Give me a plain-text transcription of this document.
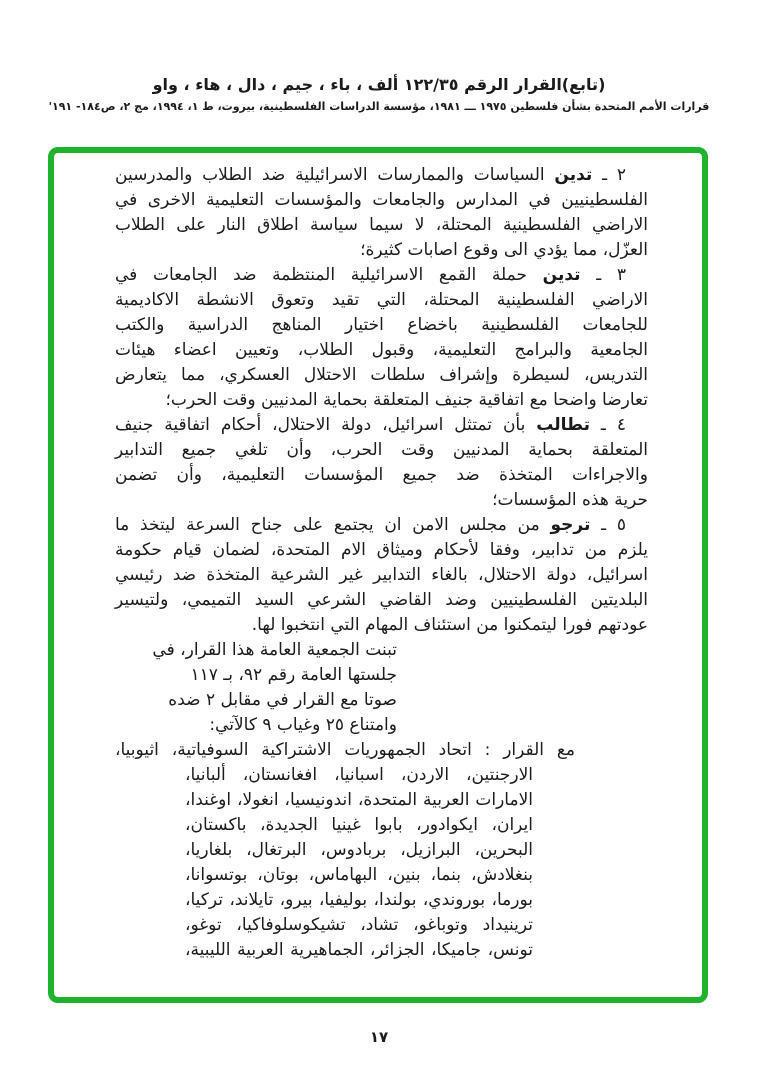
(تابع)القرار الرقم ١٢٢/٣٥ ألف ، باء ، جيم ، دال ، هاء ، واو
قرارات الأمم المتحدة بشأن فلسطين ١٩٧٥ ـــ ١٩٨١، مؤسسة الدراسات الفلسطينية، بيروت، ط ١، ١٩٩٤، مج ٢، ص١٨٤- ١٩١'
٢ ـ تدين السياسات والممارسات الاسرائيلية ضد الطلاب والمدرسين
الفلسطينيين في المدارس والجامعات والمؤسسات التعليمية الاخرى في
الاراضي الفلسطينية المحتلة، لا سيما سياسة اطلاق النار على الطلاب
العزّل، مما يؤدي الى وقوع اصابات كثيرة؛
٣ ـ تدين حملة القمع الاسرائيلية المنتظمة ضد الجامعات في
الاراضي الفلسطينية المحتلة، التي تقيد وتعوق الانشطة الاكاديمية
للجامعات الفلسطينية باخضاع اختيار المناهج الدراسية والكتب
الجامعية والبرامج التعليمية، وقبول الطلاب، وتعيين اعضاء هيئات
التدريس، لسيطرة وإشراف سلطات الاحتلال العسكري، مما يتعارض
تعارضا واضحا مع اتفاقية جنيف المتعلقة بحماية المدنيين وقت الحرب؛
٤ ـ تطالب بأن تمتثل اسرائيل، دولة الاحتلال، أحكام اتفاقية جنيف
المتعلقة بحماية المدنيين وقت الحرب، وأن تلغي جميع التدابير
والاجراءات المتخذة ضد جميع المؤسسات التعليمية، وأن تضمن
حرية هذه المؤسسات؛
٥ ـ ترجو من مجلس الامن ان يجتمع على جناح السرعة ليتخذ ما
يلزم من تدابير، وفقا لأحكام وميثاق الام المتحدة، لضمان قيام حكومة
اسرائيل، دولة الاحتلال، بالغاء التدابير غير الشرعية المتخذة ضد رئيسي
البلديتين الفلسطينيين وضد القاضي الشرعي السيد التميمي، ولتيسير
عودتهم فورا ليتمكنوا من استئناف المهام التي انتخبوا لها.
تبنت الجمعية العامة هذا القرار، في
جلستها العامة رقم ٩٢، بـ ١١٧
صوتا مع القرار في مقابل ٢ ضده
وامتناع ٢٥ وغياب ٩ كالآتي:
مع القرار : اتحاد الجمهوريات الاشتراكية السوفياتية، اثيوبيا،
الارجنتين، الاردن، اسبانيا، افغانستان، ألبانيا،
الامارات العربية المتحدة، اندونيسيا، انغولا، اوغندا،
ايران، ايكوادور، بابوا غينيا الجديدة، باكستان،
البحرين، البرازيل، بربادوس، البرتغال، بلغاريا،
بنغلادش، بنما، بنين، البهاماس، بوتان، بوتسوانا،
بورما، بوروندي، بولندا، بوليفيا، بيرو، تايلاند، تركيا،
ترينيداد وتوباغو، تشاد، تشيكوسلوفاكيا، توغو،
تونس، جاميكا، الجزائر، الجماهيرية العربية الليبية،
١٧
